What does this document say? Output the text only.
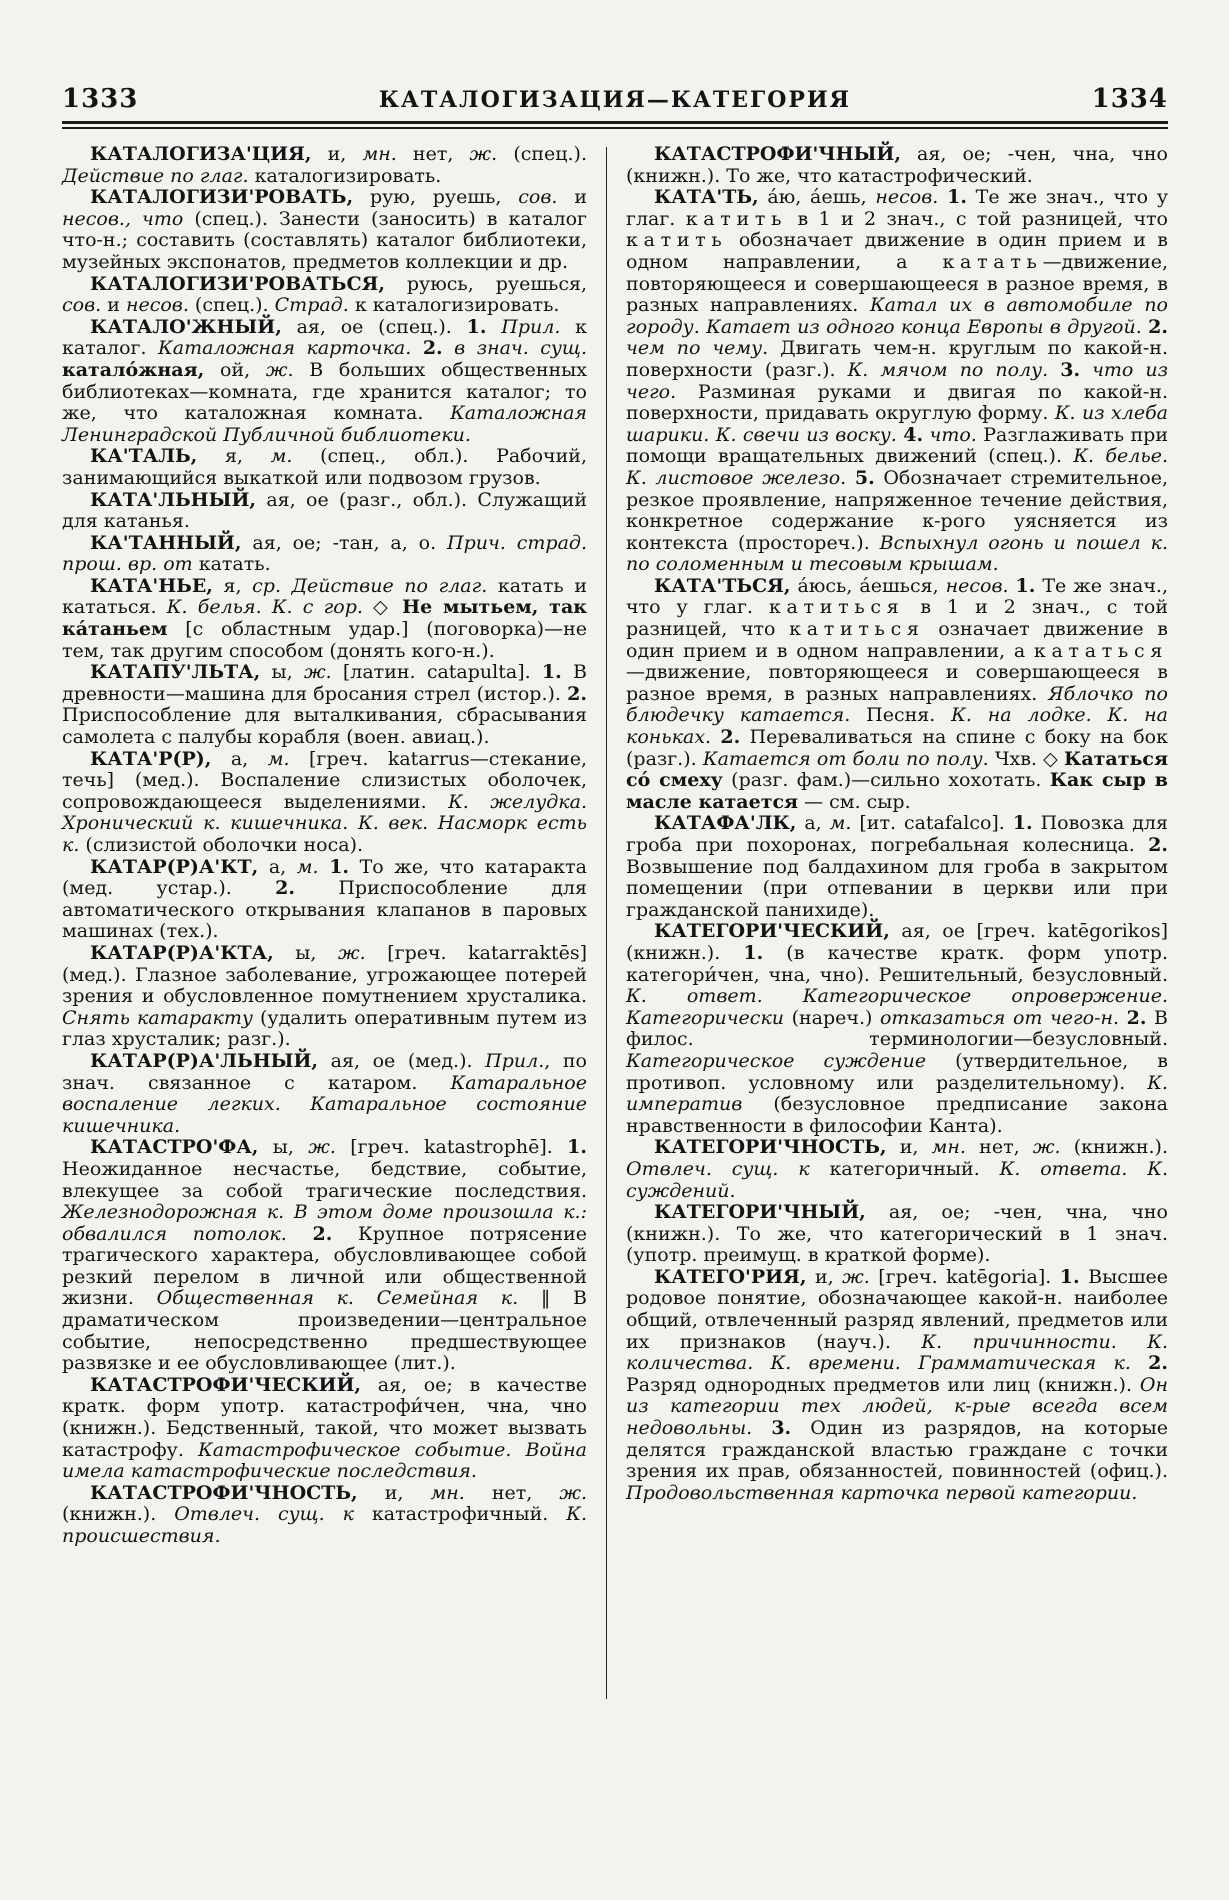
1333	КАТАЛОГИЗАЦИЯ—КАТЕГОРИЯ	1334

КАТАЛОГИЗА'ЦИЯ, и, мн. нет, ж. (спец.). Действие по глаг. каталогизировать.

КАТАЛОГИЗИ'РОВАТЬ, рую, руешь, сов. и несов., что (спец.). Занести (заносить) в каталог что-н.; составить (составлять) каталог библиотеки, музейных экспонатов, предметов коллекции и др.

КАТАЛОГИЗИ'РОВАТЬСЯ, руюсь, руешься, сов. и несов. (спец.). Страд. к каталогизировать.

КАТАЛО'ЖНЫЙ, ая, ое (спец.). 1. Прил. к каталог. Каталожная карточка. 2. в знач. сущ. катало́жная, ой, ж. В больших общественных библиотеках—комната, где хранится каталог; то же, что каталожная комната. Каталожная Ленинградской Публичной библиотеки.

КА'ТАЛЬ, я, м. (спец., обл.). Рабочий, занимающийся выкаткой или подвозом грузов.

КАТА'ЛЬНЫЙ, ая, ое (разг., обл.). Служащий для катанья.

КА'ТАННЫЙ, ая, ое; -тан, а, о. Прич. страд. прош. вр. от катать.

КАТА'НЬЕ, я, ср. Действие по глаг. катать и кататься. К. белья. К. с гор. ◇ Не мытьем, так ка́таньем [с областным удар.] (поговорка)—не тем, так другим способом (донять кого-н.).

КАТАПУ'ЛЬТА, ы, ж. [латин. catapulta]. 1. В древности—машина для бросания стрел (истор.). 2. Приспособление для выталкивания, сбрасывания самолета с палубы корабля (воен. авиац.).

КАТА'Р(Р), а, м. [греч. katarrus—стекание, течь] (мед.). Воспаление слизистых оболочек, сопровождающееся выделениями. К. желудка. Хронический к. кишечника. К. век. Насморк есть к. (слизистой оболочки носа).

КАТАР(Р)А'КТ, а, м. 1. То же, что катаракта (мед. устар.). 2. Приспособление для автоматического открывания клапанов в паровых машинах (тех.).

КАТАР(Р)А'КТА, ы, ж. [греч. katarraktēs] (мед.). Глазное заболевание, угрожающее потерей зрения и обусловленное помутнением хрусталика. Снять катаракту (удалить оперативным путем из глаз хрусталик; разг.).

КАТАР(Р)А'ЛЬНЫЙ, ая, ое (мед.). Прил., по знач. связанное с катаром. Катаральное воспаление легких. Катаральное состояние кишечника.

КАТАСТРО'ФА, ы, ж. [греч. katastrophē]. 1. Неожиданное несчастье, бедствие, событие, влекущее за собой трагические последствия. Железнодорожная к. В этом доме произошла к.: обвалился потолок. 2. Крупное потрясение трагического характера, обусловливающее собой резкий перелом в личной или общественной жизни. Общественная к. Семейная к. ‖ В драматическом произведении—центральное событие, непосредственно предшествующее развязке и ее обусловливающее (лит.).

КАТАСТРОФИ'ЧЕСКИЙ, ая, ое; в качестве кратк. форм употр. катастрофи́чен, чна, чно (книжн.). Бедственный, такой, что может вызвать катастрофу. Катастрофическое событие. Война имела катастрофические последствия.

КАТАСТРОФИ'ЧНОСТЬ, и, мн. нет, ж. (книжн.). Отвлеч. сущ. к катастрофичный. К. происшествия.

КАТАСТРОФИ'ЧНЫЙ, ая, ое; -чен, чна, чно (книжн.). То же, что катастрофический.

КАТА'ТЬ, а́ю, а́ешь, несов. 1. Те же знач., что у глаг. катить в 1 и 2 знач., с той разницей, что катить обозначает движение в один прием и в одном направлении, а катать—движение, повторяющееся и совершающееся в разное время, в разных направлениях. Катал их в автомобиле по городу. Катает из одного конца Европы в другой. 2. чем по чему. Двигать чем-н. круглым по какой-н. поверхности (разг.). К. мячом по полу. 3. что из чего. Разминая руками и двигая по какой-н. поверхности, придавать округлую форму. К. из хлеба шарики. К. свечи из воску. 4. что. Разглаживать при помощи вращательных движений (спец.). К. белье. К. листовое железо. 5. Обозначает стремительное, резкое проявление, напряженное течение действия, конкретное содержание к-рого уясняется из контекста (простореч.). Вспыхнул огонь и пошел к. по соломенным и тесовым крышам.

КАТА'ТЬСЯ, а́юсь, а́ешься, несов. 1. Те же знач., что у глаг. катиться в 1 и 2 знач., с той разницей, что катиться означает движение в один прием и в одном направлении, а кататься—движение, повторяющееся и совершающееся в разное время, в разных направлениях. Яблочко по блюдечку катается. Песня. К. на лодке. К. на коньках. 2. Переваливаться на спине с боку на бок (разг.). Катается от боли по полу. Чхв. ◇ Кататься со́ смеху (разг. фам.)—сильно хохотать. Как сыр в масле катается — см. сыр.

КАТАФА'ЛК, а, м. [ит. catafalco]. 1. Повозка для гроба при похоронах, погребальная колесница. 2. Возвышение под балдахином для гроба в закрытом помещении (при отпевании в церкви или при гражданской панихиде).

КАТЕГОРИ'ЧЕСКИЙ, ая, ое [греч. katēgorikos] (книжн.). 1. (в качестве кратк. форм употр. категори́чен, чна, чно). Решительный, безусловный. К. ответ. Категорическое опровержение. Категорически (нареч.) отказаться от чего-н. 2. В филос. терминологии—безусловный. Категорическое суждение (утвердительное, в противоп. условному или разделительному). К. императив (безусловное предписание закона нравственности в философии Канта).

КАТЕГОРИ'ЧНОСТЬ, и, мн. нет, ж. (книжн.). Отвлеч. сущ. к категоричный. К. ответа. К. суждений.

КАТЕГОРИ'ЧНЫЙ, ая, ое; -чен, чна, чно (книжн.). То же, что категорический в 1 знач. (употр. преимущ. в краткой форме).

КАТЕГО'РИЯ, и, ж. [греч. katēgoria]. 1. Высшее родовое понятие, обозначающее какой-н. наиболее общий, отвлеченный разряд явлений, предметов или их признаков (науч.). К. причинности. К. количества. К. времени. Грамматическая к. 2. Разряд однородных предметов или лиц (книжн.). Он из категории тех людей, к-рые всегда всем недовольны. 3. Один из разрядов, на которые делятся гражданской властью граждане с точки зрения их прав, обязанностей, повинностей (офиц.). Продовольственная карточка первой категории.
